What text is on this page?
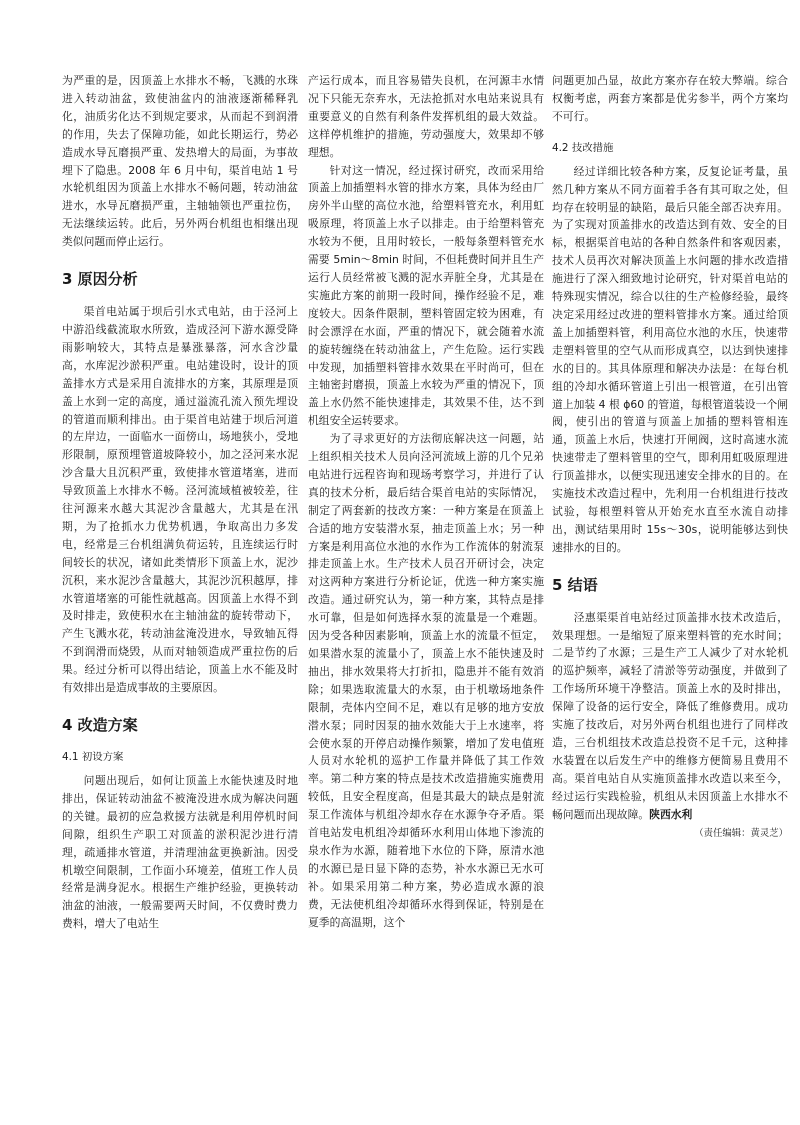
为严重的是，因顶盖上水排水不畅，飞溅的水珠进入转动油盆，致使油盆内的油液逐渐稀释乳化，油质劣化达不到规定要求，从而起不到润滑的作用，失去了保障功能，如此长期运行，势必造成水导瓦磨损严重、发热增大的局面，为事故埋下了隐患。2008 年 6 月中旬，渠首电站 1 号水轮机组因为顶盖上水排水不畅问题，转动油盆进水，水导瓦磨损严重，主轴轴领也严重拉伤，无法继续运转。此后，另外两台机组也相继出现类似问题而停止运行。

3 原因分析

渠首电站属于坝后引水式电站，由于泾河上中游沿线截流取水所致，造成泾河下游水源受降雨影响较大，其特点是暴涨暴落，河水含沙量高，水库泥沙淤积严重。电站建设时，设计的顶盖排水方式是采用自流排水的方案，其原理是顶盖上水到一定的高度，通过溢流孔流入预先埋设的管道而顺利排出。由于渠首电站建于坝后河道的左岸边，一面临水一面傍山，场地狭小，受地形限制，原预埋管道坡降较小，加之泾河来水泥沙含量大且沉积严重，致使排水管道堵塞，进而导致顶盖上水排水不畅。泾河流域植被较差，往往河源来水越大其泥沙含量越大，尤其是在汛期，为了抢抓水力优势机遇，争取高出力多发电，经常是三台机组满负荷运转，且连续运行时间较长的状况，诸如此类情形下顶盖上水，泥沙沉积，来水泥沙含量越大，其泥沙沉积越厚，排水管道堵塞的可能性就越高。因顶盖上水得不到及时排走，致使积水在主轴油盆的旋转带动下，产生飞溅水花，转动油盆淹没进水，导致轴瓦得不到润滑而烧毁，从而对轴领造成严重拉伤的后果。经过分析可以得出结论，顶盖上水不能及时有效排出是造成事故的主要原因。

4 改造方案
4.1 初设方案

问题出现后，如何让顶盖上水能快速及时地排出，保证转动油盆不被淹没进水成为解决问题的关键。最初的应急救援方法就是利用停机时间间隙，组织生产职工对顶盖的淤积泥沙进行清理，疏通排水管道，并清理油盆更换新油。因受机墩空间限制，工作面小环境差，值班工作人员经常是满身泥水。根据生产维护经验，更换转动油盆的油液，一般需要两天时间，不仅费时费力费料，增大了电站生

产运行成本，而且容易错失良机，在河源丰水情况下只能无奈弃水，无法抢抓对水电站来说具有重要意义的自然有利条件发挥机组的最大效益。这样停机维护的措施，劳动强度大，效果却不够理想。

针对这一情况，经过探讨研究，改而采用给顶盖上加插塑料水管的排水方案，具体为经由厂房外半山壁的高位水池，给塑料管充水，利用虹吸原理，将顶盖上水子以排走。由于给塑料管充水较为不便，且用时较长，一般每条塑料管充水需要 5min～8min 时间，不但耗费时间并且生产运行人员经常被飞溅的泥水弄脏全身，尤其是在实施此方案的前期一段时间，操作经验不足，难度较大。因条件限制，塑料管固定较为困难，有时会漂浮在水面，严重的情况下，就会随着水流的旋转缠绕在转动油盆上，产生危险。运行实践中发现，加插塑料管排水效果在平时尚可，但在主轴密封磨损，顶盖上水较为严重的情况下，顶盖上水仍然不能快速排走，其效果不佳，达不到机组安全运转要求。

为了寻求更好的方法彻底解决这一问题，站上组织相关技术人员向泾河流域上游的几个兄弟电站进行远程咨询和现场考察学习，并进行了认真的技术分析，最后结合渠首电站的实际情况，制定了两套新的技改方案：一种方案是在顶盖上合适的地方安装潜水泵，抽走顶盖上水；另一种方案是利用高位水池的水作为工作流体的射流泵排走顶盖上水。生产技术人员召开研讨会，决定对这两种方案进行分析论证，优选一种方案实施改造。通过研究认为，第一种方案，其特点是排水可靠，但是如何选择水泵的流量是一个难题。因为受各种因素影响，顶盖上水的流量不恒定，如果潜水泵的流量小了，顶盖上水不能快速及时抽出，排水效果将大打折扣，隐患并不能有效消除；如果选取流量大的水泵，由于机墩场地条件限制，壳体内空间不足，难以有足够的地方安放潜水泵；同时因泵的抽水效能大于上水速率，将会使水泵的开停启动操作频繁，增加了发电值班人员对水轮机的巡护工作量并降低了其工作效率。第二种方案的特点是技术改造措施实施费用较低，且安全程度高，但是其最大的缺点是射流泵工作流体与机组冷却水存在水源争夺矛盾。渠首电站发电机组冷却循环水利用山体地下渗流的泉水作为水源，随着地下水位的下降，原清水池的水源已是日显下降的态势，补水水源已无水可补。如果采用第二种方案，势必造成水源的浪费，无法使机组冷却循环水得到保证，特别是在夏季的高温期，这个

问题更加凸显，故此方案亦存在较大弊端。综合权衡考虑，两套方案都是优劣参半，两个方案均不可行。

4.2 技改措施

经过详细比较各种方案，反复论证考量，虽然几种方案从不同方面着手各有其可取之处，但均存在较明显的缺陷，最后只能全部否决弃用。为了实现对顶盖排水的改造达到有效、安全的目标，根据渠首电站的各种自然条件和客观因素，技术人员再次对解决顶盖上水问题的排水改造措施进行了深入细致地讨论研究，针对渠首电站的特殊现实情况，综合以往的生产检修经验，最终决定采用经过改进的塑料管排水方案。通过给顶盖上加插塑料管，利用高位水池的水压，快速带走塑料管里的空气从而形成真空，以达到快速排水的目的。其具体原理和解决办法是：在每台机组的冷却水循环管道上引出一根管道，在引出管道上加装 4 根 ϕ60 的管道，每根管道装设一个闸阀，使引出的管道与顶盖上加插的塑料管相连通，顶盖上水后，快速打开闸阀，这时高速水流快速带走了塑料管里的空气，即利用虹吸原理进行顶盖排水，以便实现迅速安全排水的目的。在实施技术改造过程中，先利用一台机组进行技改试验，每根塑料管从开始充水直至水流自动排出，测试结果用时 15s～30s，说明能够达到快速排水的目的。

5 结语

泾惠渠渠首电站经过顶盖排水技术改造后，效果理想。一是缩短了原来塑料管的充水时间；二是节约了水源；三是生产工人减少了对水轮机的巡护频率，减轻了清淤等劳动强度，并做到了工作场所环境干净整洁。顶盖上水的及时排出，保障了设备的运行安全，降低了维修费用。成功实施了技改后，对另外两台机组也进行了同样改造，三台机组技术改造总投资不足千元，这种排水装置在以后发生产中的维修方便简易且费用不高。渠首电站自从实施顶盖排水改造以来至今，经过运行实践检验，机组从未因顶盖上水排水不畅问题而出现故障。陕西水利

（责任编辑：黄灵芝）
